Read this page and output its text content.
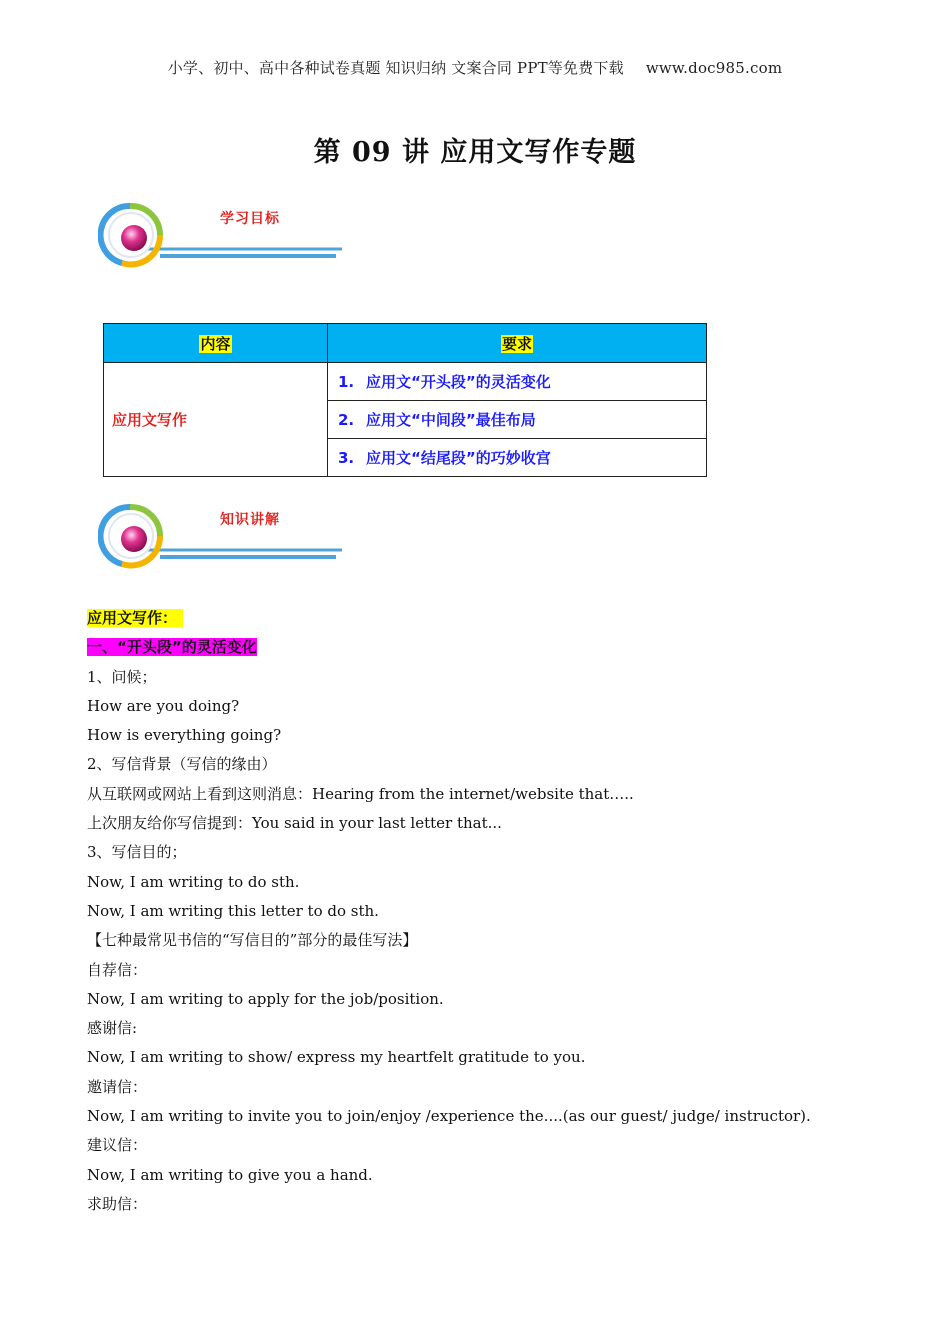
小学、初中、高中各种试卷真题 知识归纳 文案合同 PPT等免费下载 www.doc985.com
第 09 讲 应用文写作专题
学习目标
内容	要求
应用文写作	1. 应用文“开头段”的灵活变化
	2. 应用文“中间段”最佳布局
	3. 应用文“结尾段”的巧妙收宫
知识讲解
应用文写作：
一、“开头段”的灵活变化
1、问候；
How are you doing?
How is everything going?
2、写信背景（写信的缘由）
从互联网或网站上看到这则消息：Hearing from the internet/website that…..
上次朋友给你写信提到：You said in your last letter that...
3、写信目的；
Now, I am writing to do sth.
Now, I am writing this letter to do sth.
【七种最常见书信的“写信目的”部分的最佳写法】
自荐信：
Now, I am writing to apply for the job/position.
感谢信:
Now, I am writing to show/ express my heartfelt gratitude to you.
邀请信：
Now, I am writing to invite you to join/enjoy /experience the....(as our guest/ judge/ instructor).
建议信：
Now, I am writing to give you a hand.
求助信：
